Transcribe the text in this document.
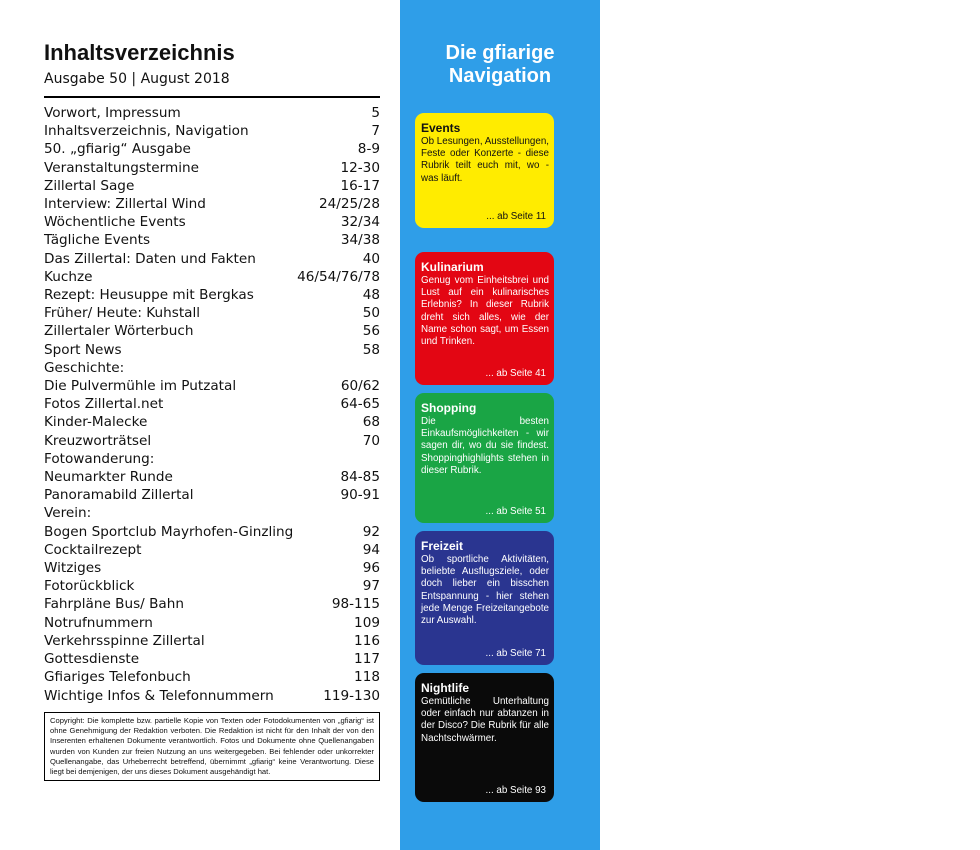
Inhaltsverzeichnis
Ausgabe 50 | August 2018
Vorwort, Impressum	5
Inhaltsverzeichnis, Navigation	7
50. „gfiarig“ Ausgabe	8-9
Veranstaltungstermine	12-30
Zillertal Sage	16-17
Interview: Zillertal Wind	24/25/28
Wöchentliche Events	32/34
Tägliche Events	34/38
Das Zillertal: Daten und Fakten	40
Kuchze	46/54/76/78
Rezept: Heusuppe mit Bergkas	48
Früher/ Heute: Kuhstall	50
Zillertaler Wörterbuch	56
Sport News	58
Geschichte:
Die Pulvermühle im Putzatal	60/62
Fotos Zillertal.net	64-65
Kinder-Malecke	68
Kreuzworträtsel	70
Fotowanderung:
Neumarkter Runde	84-85
Panoramabild Zillertal	90-91
Verein:
Bogen Sportclub Mayrhofen-Ginzling	92
Cocktailrezept	94
Witziges	96
Fotorückblick	97
Fahrpläne Bus/ Bahn	98-115
Notrufnummern	109
Verkehrsspinne Zillertal	116
Gottesdienste	117
Gfiariges Telefonbuch	118
Wichtige Infos & Telefonnummern	119-130
Copyright: Die komplette bzw. partielle Kopie von Texten oder Fotodokumenten von „gfiarig“ ist ohne Genehmigung der Redaktion verboten. Die Redaktion ist nicht für den Inhalt der von den Inserenten erhaltenen Dokumente verantwortlich. Fotos und Dokumente ohne Quellenangaben wurden von Kunden zur freien Nutzung an uns weitergegeben. Bei fehlender oder unkorrekter Quellenangabe, das Urheberrecht betreffend, übernimmt „gfiarig“ keine Verantwortung. Diese liegt bei demjenigen, der uns dieses Dokument ausgehändigt hat.
Die gfiarige
Navigation
Events

Ob Lesungen, Ausstellungen, Feste oder Konzerte - diese Rubrik teilt euch mit, wo - was läuft.

... ab Seite 11
Kulinarium

Genug vom Einheitsbrei und Lust auf ein kulinarisches Erlebnis? In dieser Rubrik dreht sich alles, wie der Name schon sagt, um Essen und Trinken.

... ab Seite 41
Shopping

Die besten Einkaufsmöglichkeiten - wir sagen dir, wo du sie findest. Shoppinghighlights stehen in dieser Rubrik.

... ab Seite 51
Freizeit

Ob sportliche Aktivitäten, beliebte Ausflugsziele, oder doch lieber ein bisschen Entspannung - hier stehen jede Menge Freizeitangebote zur Auswahl.

... ab Seite 71
Nightlife

Gemütliche Unterhaltung oder einfach nur abtanzen in der Disco? Die Rubrik für alle Nachtschwärmer.

... ab Seite 93
7
